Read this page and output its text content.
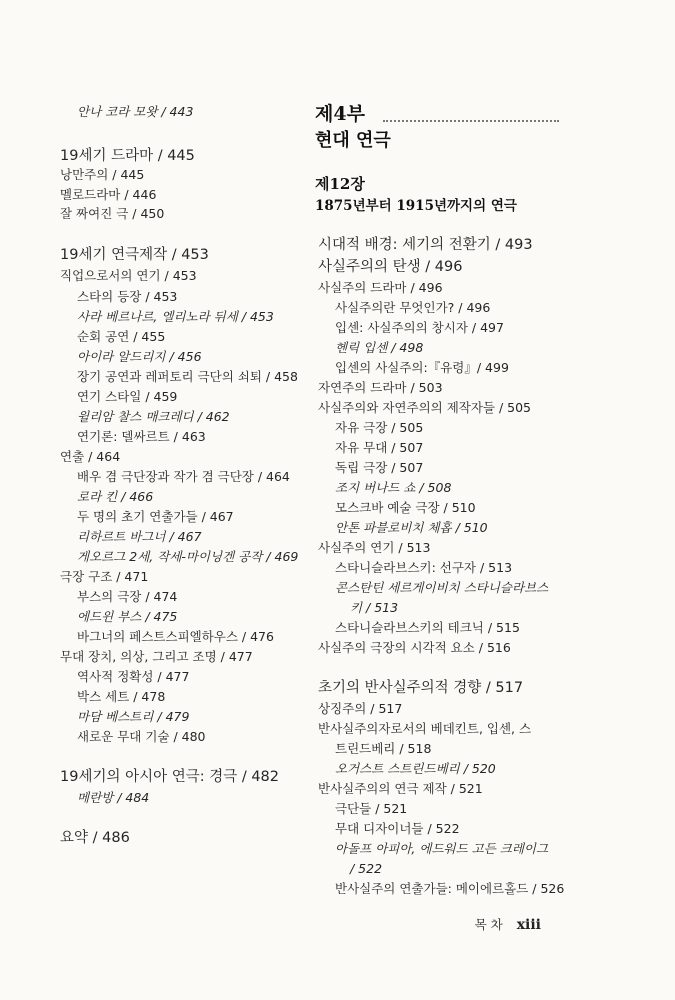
안나 코라 모왓 / 443
19세기 드라마 / 445
낭만주의 / 445
멜로드라마 / 446
잘 짜여진 극 / 450
19세기 연극제작 / 453
직업으로서의 연기 / 453
스타의 등장 / 453
사라 베르나르, 엘리노라 뒤세 / 453
순회 공연 / 455
아이라 알드리지 / 456
장기 공연과 레퍼토리 극단의 쇠퇴 / 458
연기 스타일 / 459
윌리암 찰스 매크레디 / 462
연기론: 델싸르트 / 463
연출 / 464
배우 겸 극단장과 작가 겸 극단장 / 464
로라 킨 / 466
두 명의 초기 연출가들 / 467
리하르트 바그너 / 467
게오르그 2세, 작세-마이닝겐 공작 / 469
극장 구조 / 471
부스의 극장 / 474
에드윈 부스 / 475
바그너의 페스트스피엘하우스 / 476
무대 장치, 의상, 그리고 조명 / 477
역사적 정확성 / 477
박스 세트 / 478
마담 베스트리 / 479
새로운 무대 기술 / 480
19세기의 아시아 연극: 경극 / 482
메란방 / 484
요약 / 486
제4부
현대 연극
제12장
1875년부터 1915년까지의 연극
시대적 배경: 세기의 전환기 / 493
사실주의의 탄생 / 496
사실주의 드라마 / 496
사실주의란 무엇인가? / 496
입센: 사실주의의 창시자 / 497
헨릭 입센 / 498
입센의 사실주의:『유령』/ 499
자연주의 드라마 / 503
사실주의와 자연주의의 제작자들 / 505
자유 극장 / 505
자유 무대 / 507
독립 극장 / 507
조지 버나드 쇼 / 508
모스크바 예술 극장 / 510
안톤 파블로비치 체홉 / 510
사실주의 연기 / 513
스타니슬라브스키: 선구자 / 513
콘스탄틴 세르게이비치 스타니슬라브스
키 / 513
스타니슬라브스키의 테크닉 / 515
사실주의 극장의 시각적 요소 / 516
초기의 반사실주의적 경향 / 517
상징주의 / 517
반사실주의자로서의 베데킨트, 입센, 스
트린드베리 / 518
오거스트 스트린드베리 / 520
반사실주의의 연극 제작 / 521
극단들 / 521
무대 디자이너들 / 522
아돌프 아피아, 에드워드 고든 크레이그
/ 522
반사실주의 연출가들: 메이에르홀드 / 526
목 차 xiii
